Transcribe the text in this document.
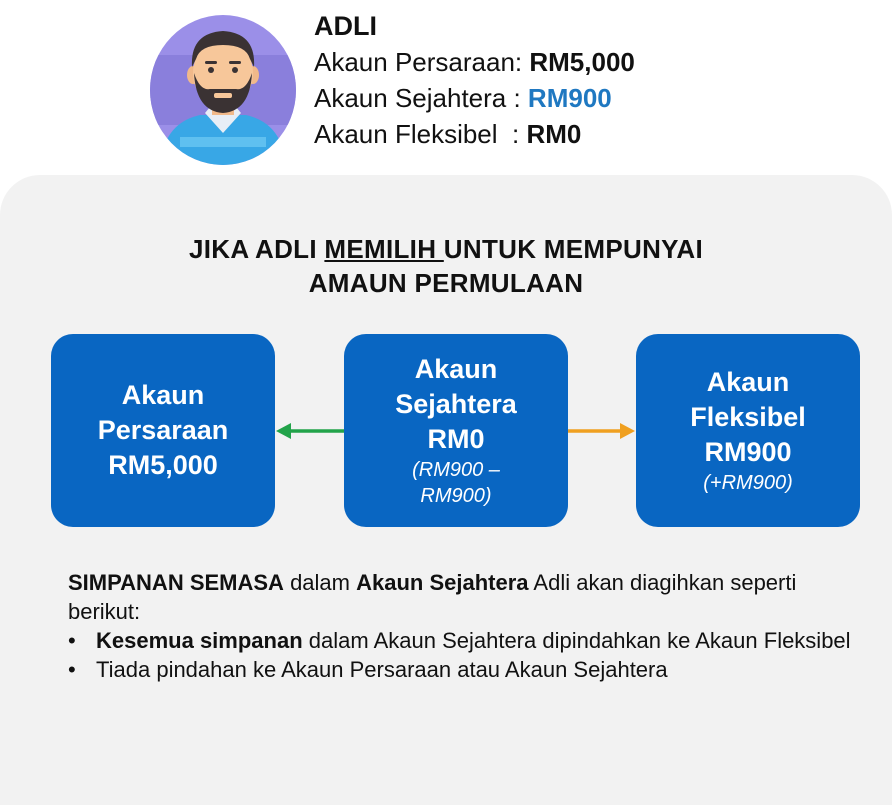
ADLI
Akaun Persaraan: RM5,000
Akaun Sejahtera : RM900
Akaun Fleksibel  : RM0
JIKA ADLI MEMILIH UNTUK MEMPUNYAI
AMAUN PERMULAAN
Akaun
Persaraan
RM5,000
Akaun
Sejahtera
RM0
(RM900 –
RM900)
Akaun
Fleksibel
RM900
(+RM900)
SIMPANAN SEMASA dalam Akaun Sejahtera Adli akan diagihkan seperti berikut:
• Kesemua simpanan dalam Akaun Sejahtera dipindahkan ke Akaun Fleksibel
• Tiada pindahan ke Akaun Persaraan atau Akaun Sejahtera
